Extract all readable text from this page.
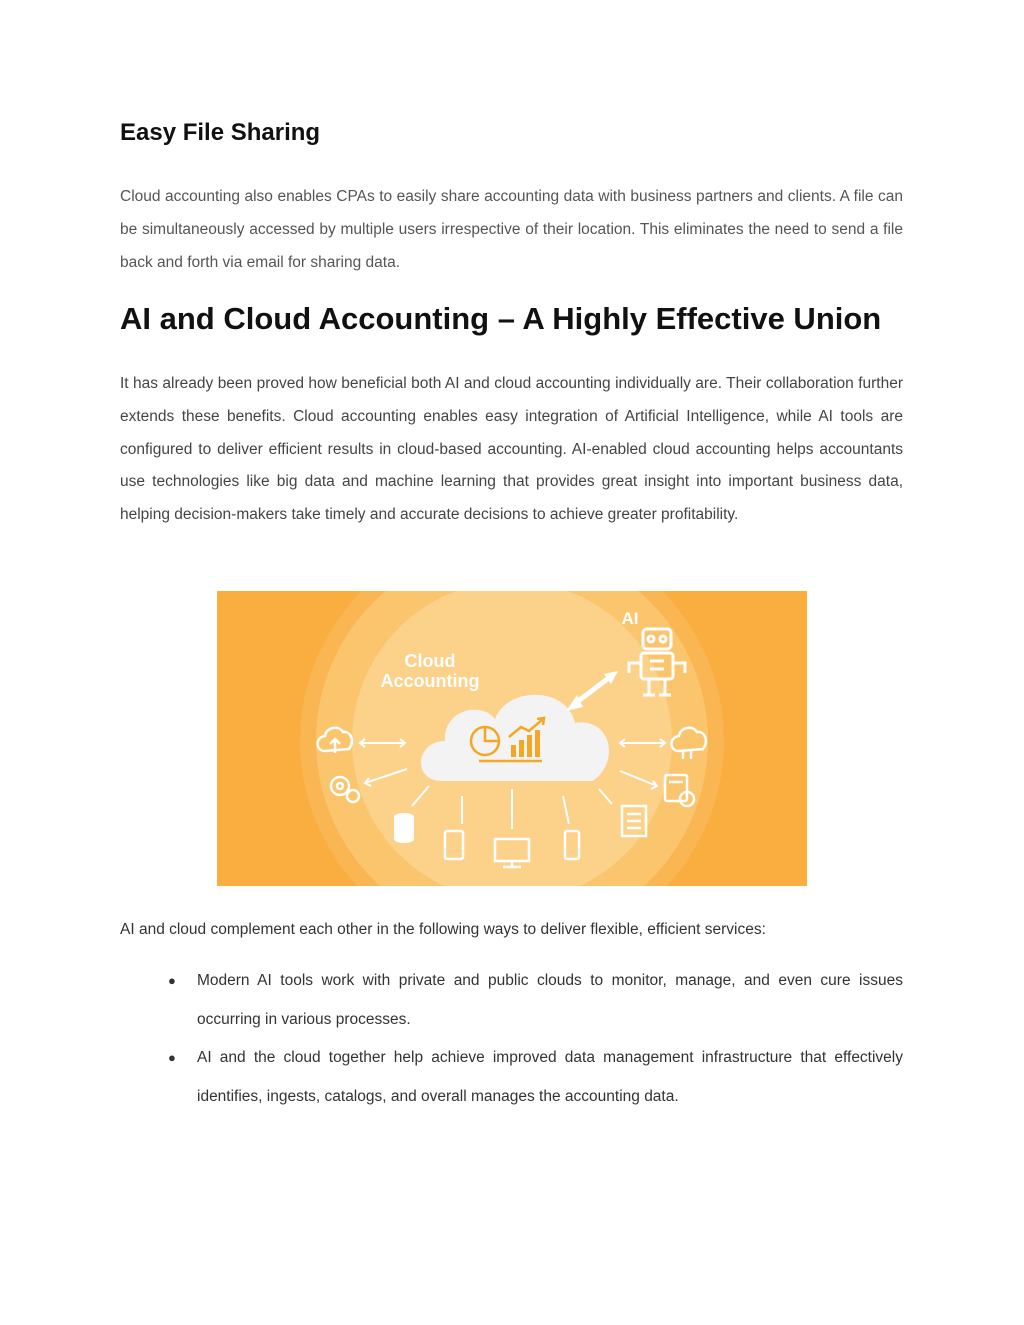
Easy File Sharing

Cloud accounting also enables CPAs to easily share accounting data with business partners and clients. A file can be simultaneously accessed by multiple users irrespective of their location. This eliminates the need to send a file back and forth via email for sharing data.

AI and Cloud Accounting – A Highly Effective Union

It has already been proved how beneficial both AI and cloud accounting individually are. Their collaboration further extends these benefits. Cloud accounting enables easy integration of Artificial Intelligence, while AI tools are configured to deliver efficient results in cloud-based accounting. AI-enabled cloud accounting helps accountants use technologies like big data and machine learning that provides great insight into important business data, helping decision-makers take timely and accurate decisions to achieve greater profitability.

Cloud
Accounting
AI

AI and cloud complement each other in the following ways to deliver flexible, efficient services:

● Modern AI tools work with private and public clouds to monitor, manage, and even cure issues occurring in various processes.
● AI and the cloud together help achieve improved data management infrastructure that effectively identifies, ingests, catalogs, and overall manages the accounting data.
